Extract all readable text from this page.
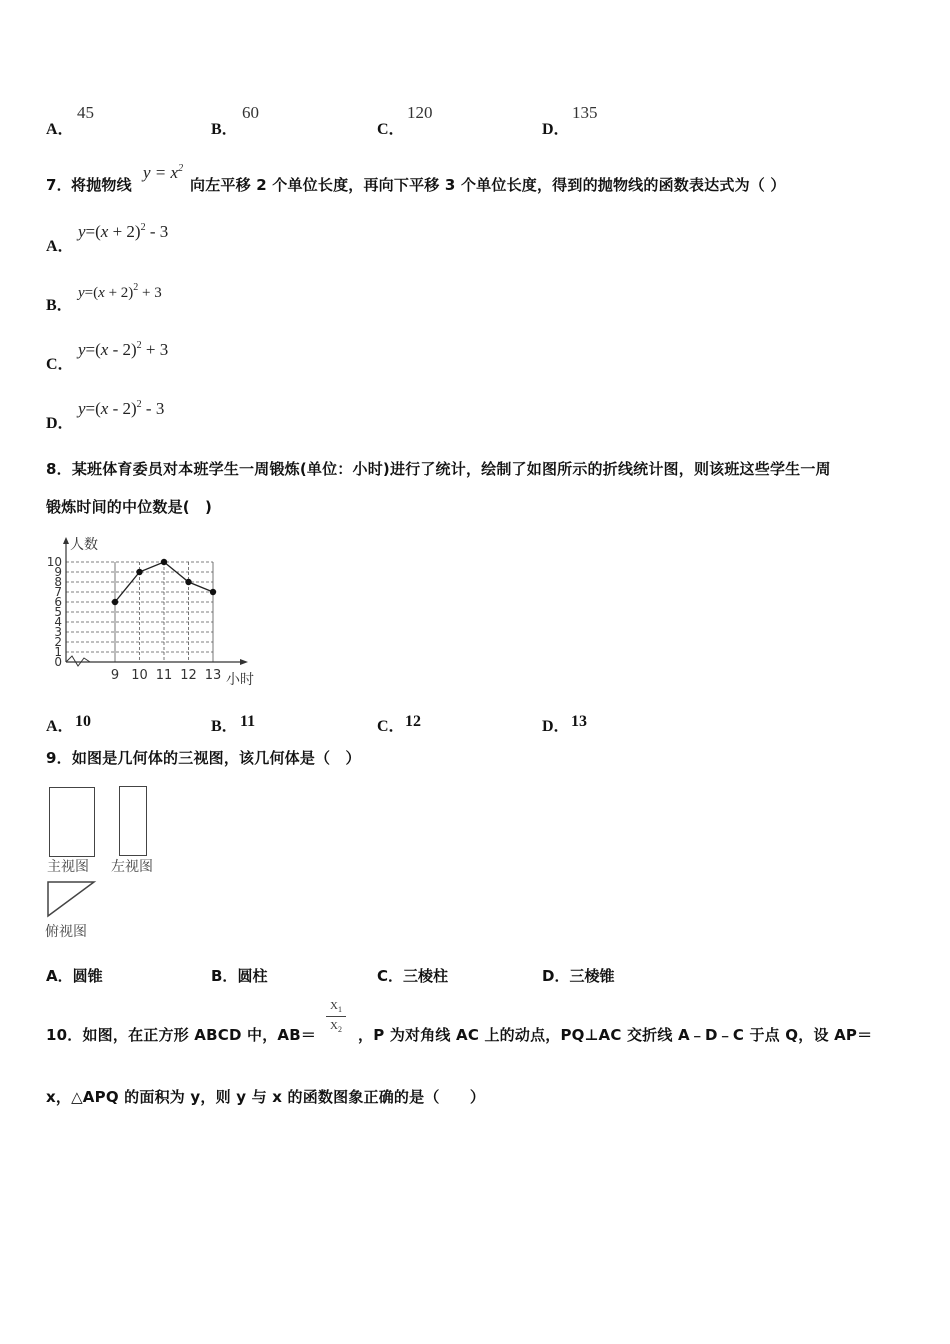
A．
45
B．
60
C．
120
D．
135
7． 将抛物线
$y = x^2$
向左平移 2 个单位长度，再向下平移 3 个单位长度，得到的抛物线的函数表达式为（ ）
A．
$y=(x + 2)^2 - 3$
B．
$y=(x + 2)^2 + 3$
C．
y=(x - 2)$^2$ + 3
D．
y=(x - 2)$^2$ - 3
8．某班体育委员对本班学生一周锻炼(单位：小时)进行了统计，绘制了如图所示的折线统计图，则该班这些学生一周
锻炼时间的中位数是(　)
0
1
2
3
4
5
6
7
8
9
10
9 10 11 12 13
人数
小时
A． 10	B． 11	C． 12	D． 13
9．如图是几何体的三视图，该几何体是（　）
主视图 左视图
俯视图
A．圆锥	B．圆柱	C．三棱柱	D．三棱锥
10．如图，在正方形 ABCD 中，AB＝
$\frac{X_1}{X_2}$
，P 为对角线 AC 上的动点，PQ⊥AC 交折线 A﹣D﹣C 于点 Q，设 AP＝
x，△APQ 的面积为 y，则 y 与 x 的函数图象正确的是（　　）
